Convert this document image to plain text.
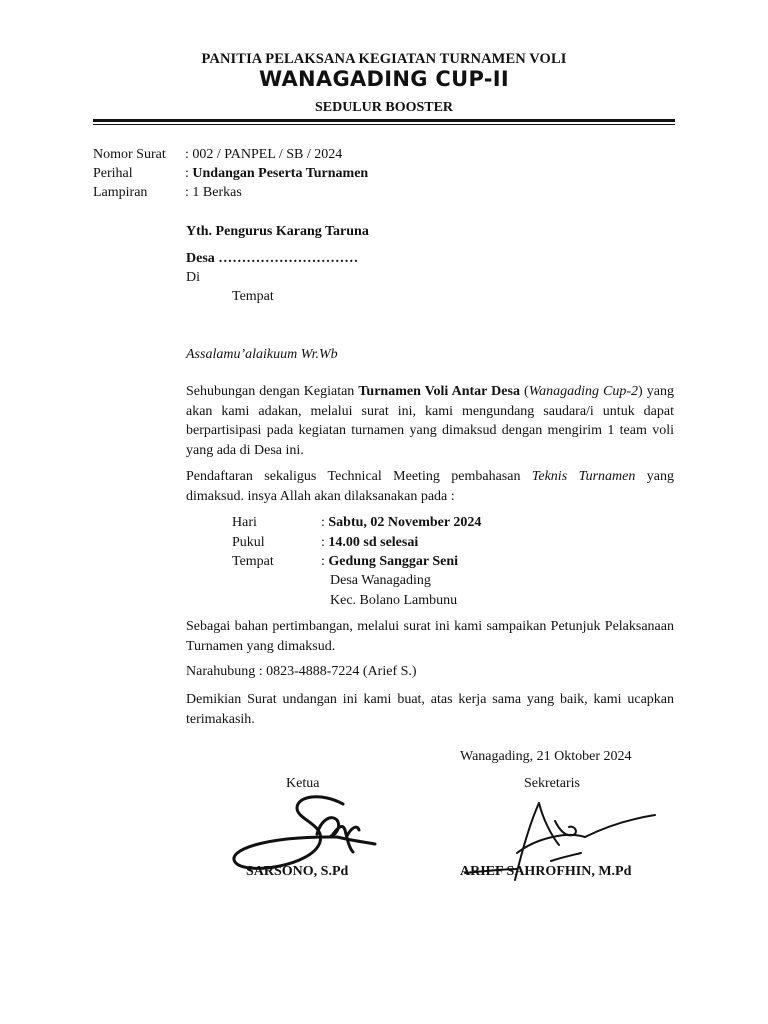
PANITIA PELAKSANA KEGIATAN TURNAMEN VOLI
WANAGADING CUP-II
SEDULUR BOOSTER
Nomor Surat : 002 / PANPEL / SB / 2024
Perihal	: Undangan Peserta Turnamen
Lampiran	: 1 Berkas
Yth. Pengurus Karang Taruna
Desa …………………………
Di
Tempat
Assalamu’alaikuum Wr.Wb
Sehubungan dengan Kegiatan Turnamen Voli Antar Desa (Wanagading Cup-2) yang akan kami adakan, melalui surat ini, kami mengundang saudara/i untuk dapat berpartisipasi pada kegiatan turnamen yang dimaksud dengan mengirim 1 team voli yang ada di Desa ini.
Pendaftaran sekaligus Technical Meeting pembahasan Teknis Turnamen yang dimaksud. insya Allah akan dilaksanakan pada :
Hari	: Sabtu, 02 November 2024
Pukul	: 14.00 sd selesai
Tempat	: Gedung Sanggar Seni
Desa Wanagading
Kec. Bolano Lambunu
Sebagai bahan pertimbangan, melalui surat ini kami sampaikan Petunjuk Pelaksanaan Turnamen yang dimaksud.
Narahubung : 0823-4888-7224 (Arief S.)
Demikian Surat undangan ini kami buat, atas kerja sama yang baik, kami ucapkan terimakasih.
Wanagading, 21 Oktober 2024
Ketua	Sekretaris
SARSONO, S.Pd	ARIEF SAHROFHIN, M.Pd
